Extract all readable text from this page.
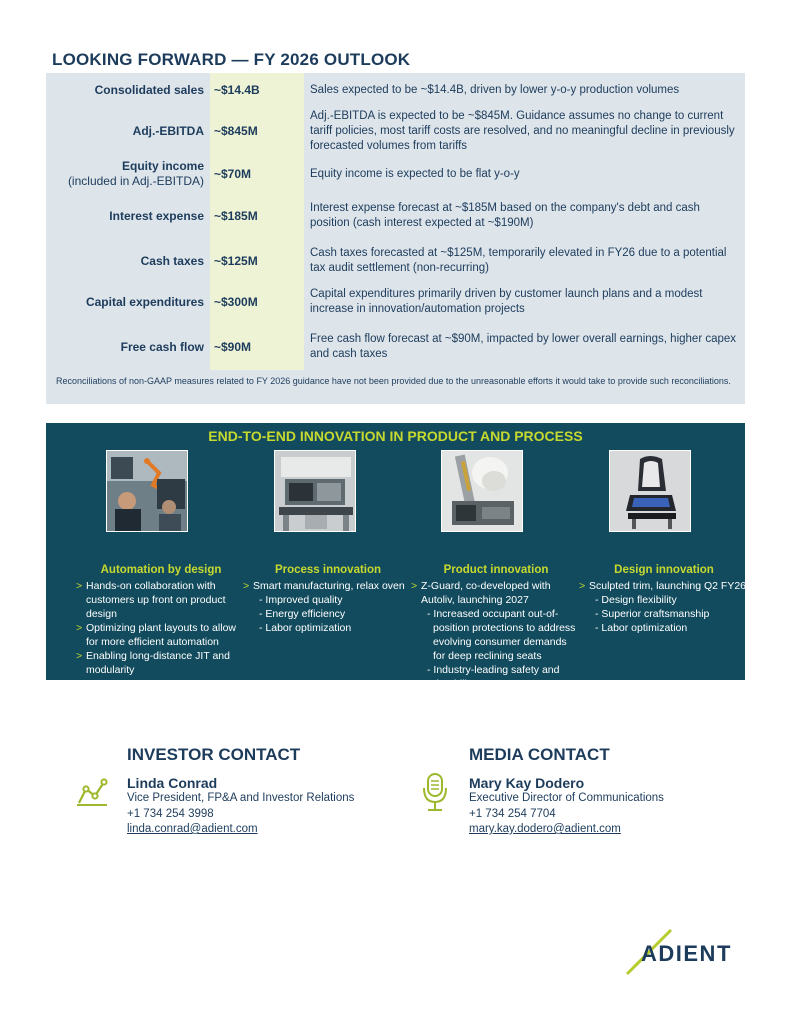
LOOKING FORWARD — FY 2026 OUTLOOK
Consolidated sales ~$14.4B	Sales expected to be ~$14.4B, driven by lower y-o-y production volumes
Adj.-EBITDA ~$845M
Adj.-EBITDA is expected to be ~$845M. Guidance assumes no change to current tariff policies, most tariff costs are resolved, and no meaningful decline in previously forecasted volumes from tariffs
Equity income
(included in Adj.-EBITDA) ~$70M	Equity income is expected to be flat y-o-y
Interest expense ~$185M
Interest expense forecast at ~$185M based on the company's debt and cash position (cash interest expected at ~$190M)
Cash taxes ~$125M
Cash taxes forecasted at ~$125M, temporarily elevated in FY26 due to a potential tax audit settlement (non-recurring)
Capital expenditures ~$300M
Capital expenditures primarily driven by customer launch plans and a modest increase in innovation/automation projects
Free cash flow ~$90M
Free cash flow forecast at ~$90M, impacted by lower overall earnings, higher capex and cash taxes
Reconciliations of non-GAAP measures related to FY 2026 guidance have not been provided due to the unreasonable efforts it would take to provide such reconciliations.
END-TO-END INNOVATION IN PRODUCT AND PROCESS
Automation by design
> Hands-on collaboration with customers up front on product design
> Optimizing plant layouts to allow for more efficient automation
> Enabling long-distance JIT and modularity
Process innovation
> Smart manufacturing, relax oven
- Improved quality
- Energy efficiency
- Labor optimization
Product innovation
> Z-Guard, co-developed with Autoliv, launching 2027
- Increased occupant out-of-position protections to address evolving consumer demands for deep reclining seats
- Industry-leading safety and durability
Design innovation
> Sculpted trim, launching Q2 FY26
- Design flexibility
- Superior craftsmanship
- Labor optimization
INVESTOR CONTACT
Linda Conrad
Vice President, FP&A and Investor Relations
+1 734 254 3998
linda.conrad@adient.com
MEDIA CONTACT
Mary Kay Dodero
Executive Director of Communications
+1 734 254 7704
mary.kay.dodero@adient.com
ADIENT
